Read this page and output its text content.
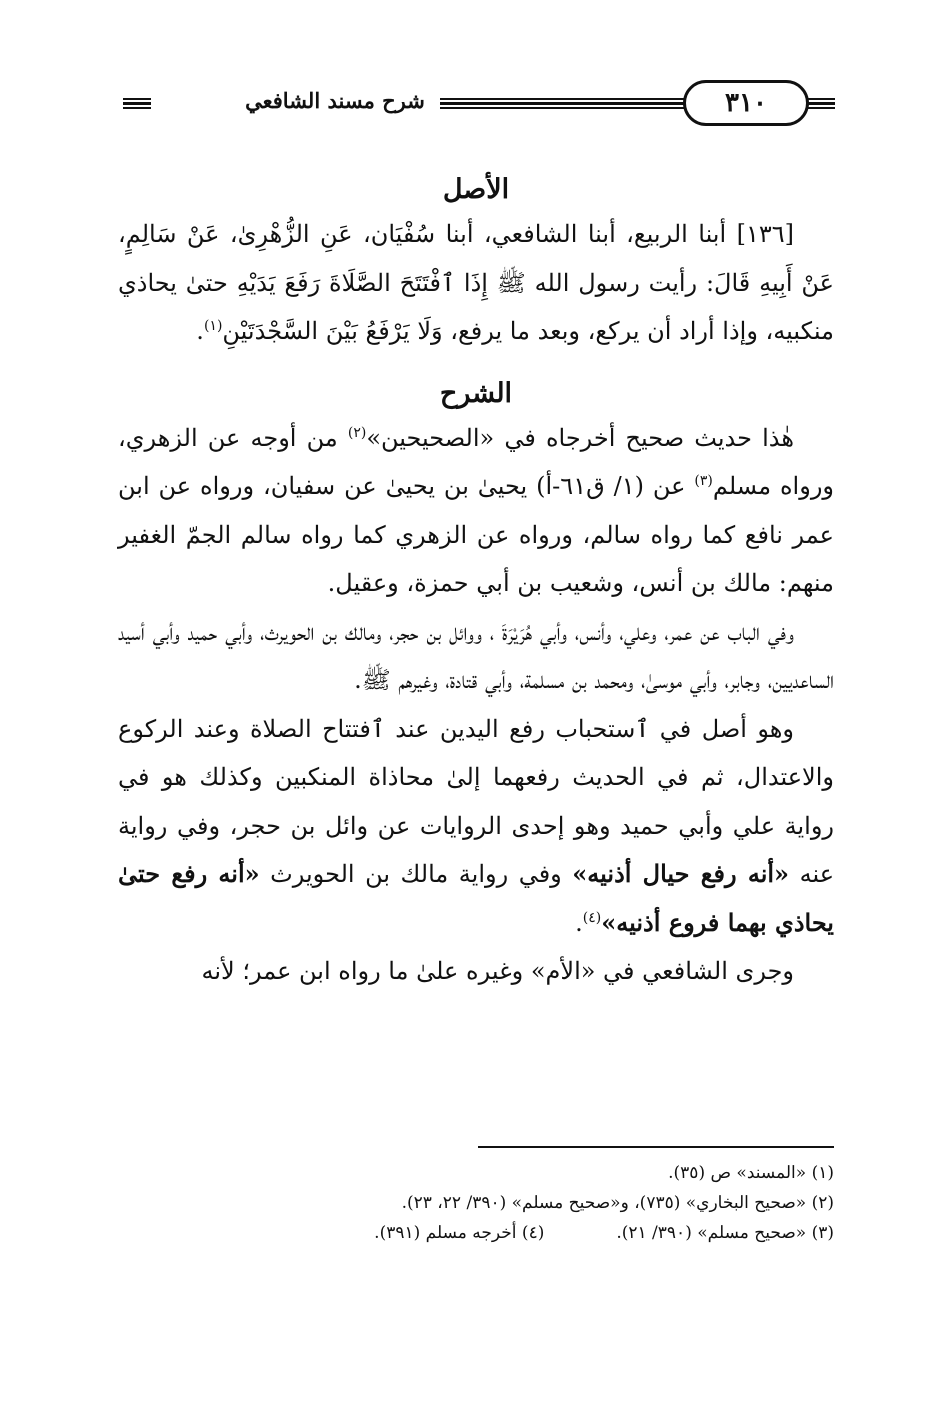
شرح مسند الشافعي	٣١٠
الأصل

[١٣٦] أبنا الربيع، أبنا الشافعي، أبنا سُفْيَان، عَنِ الزُّهْرِىٰ، عَنْ سَالِمٍ، عَنْ أَبِيهِ قَالَ: رأيت رسول الله ﷺ إِذَا ٱفْتَتَحَ الصَّلَاةَ رَفَعَ يَدَيْهِ حتىٰ يحاذي منكبيه، وإذا أراد أن يركع، وبعد ما يرفع، وَلَا يَرْفَعُ بَيْنَ السَّجْدَتَيْنِ$^{(١)}$.

الشرح

هٰذا حديث صحيح أخرجاه في «الصحيحين»$^{(٢)}$ من أوجه عن الزهري، ورواه مسلم$^{(٣)}$ عن (١/ ق٦١-أ) يحيىٰ بن يحيىٰ عن سفيان، ورواه عن ابن عمر نافع كما رواه سالم، ورواه عن الزهري كما رواه سالم الجمّ الغفير منهم: مالك بن أنس، وشعيب بن أبي حمزة، وعقيل.

وفي الباب عن عمر، وعلي، وأنس، وأبي هُرَيْرَةَ ، ووائل بن حجر، ومالك بن الحويرث، وأبي حميد وأبي أسيد الساعديين، وجابر، وأبي موسىٰ، ومحمد بن مسلمة، وأبي قتادة، وغيرهم ﷺ.

وهو أصل في ٱستحباب رفع اليدين عند ٱفتتاح الصلاة وعند الركوع والاعتدال، ثم في الحديث رفعهما إلىٰ محاذاة المنكبين وكذلك هو في رواية علي وأبي حميد وهو إحدى الروايات عن وائل بن حجر، وفي رواية عنه «أنه رفع حيال أذنيه» وفي رواية مالك بن الحويرث «أنه رفع حتىٰ يحاذي بهما فروع أذنيه»$^{(٤)}$.

وجرى الشافعي في «الأم» وغيره علىٰ ما رواه ابن عمر؛ لأنه

(١) «المسند» ص (٣٥).
(٢) «صحيح البخاري» (٧٣٥)، و«صحيح مسلم» (٣٩٠/ ٢٢، ٢٣).
(٣) «صحيح مسلم» (٣٩٠/ ٢١).(٤) أخرجه مسلم (٣٩١).
